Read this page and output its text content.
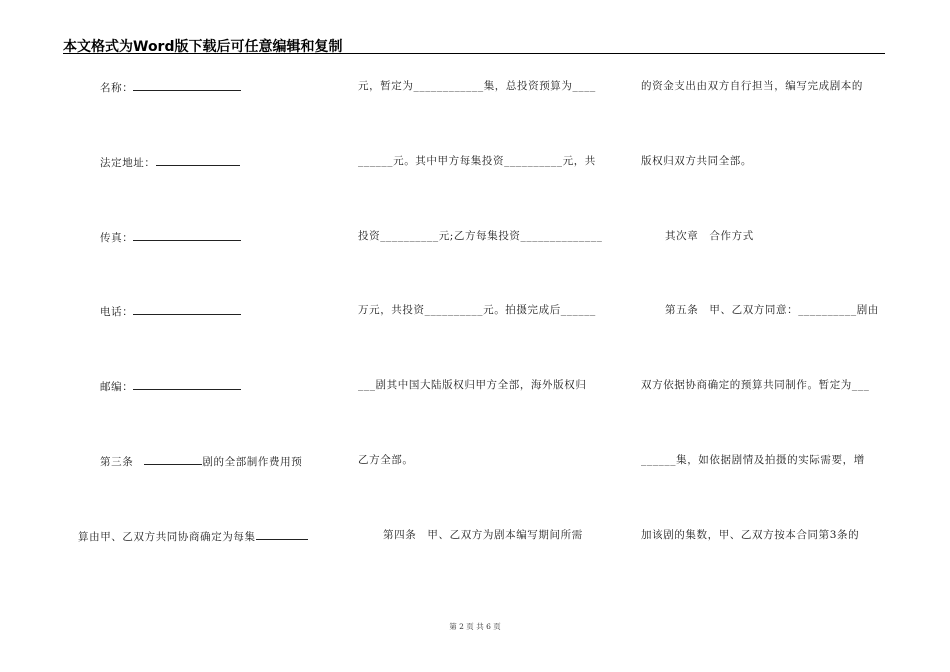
本文格式为Word版下载后可任意编辑和复制
名称：
法定地址：
传真：
电话：
邮编：
第三条　	剧的全部制作费用预
算由甲、乙双方共同协商确定为每集
元，暂定为____________集，总投资预算为____
______元。其中甲方每集投资__________元，共
投资__________元;乙方每集投资______________
万元，共投资__________元。拍摄完成后______
___剧其中国大陆版权归甲方全部，海外版权归
乙方全部。
第四条　甲、乙双方为剧本编写期间所需
的资金支出由双方自行担当，编写完成剧本的
版权归双方共同全部。
其次章　合作方式
第五条　甲、乙双方同意：__________剧由
双方依据协商确定的预算共同制作。暂定为___
______集，如依据剧情及拍摄的实际需要，增
加该剧的集数，甲、乙双方按本合同第3条的
第 2 页 共 6 页
